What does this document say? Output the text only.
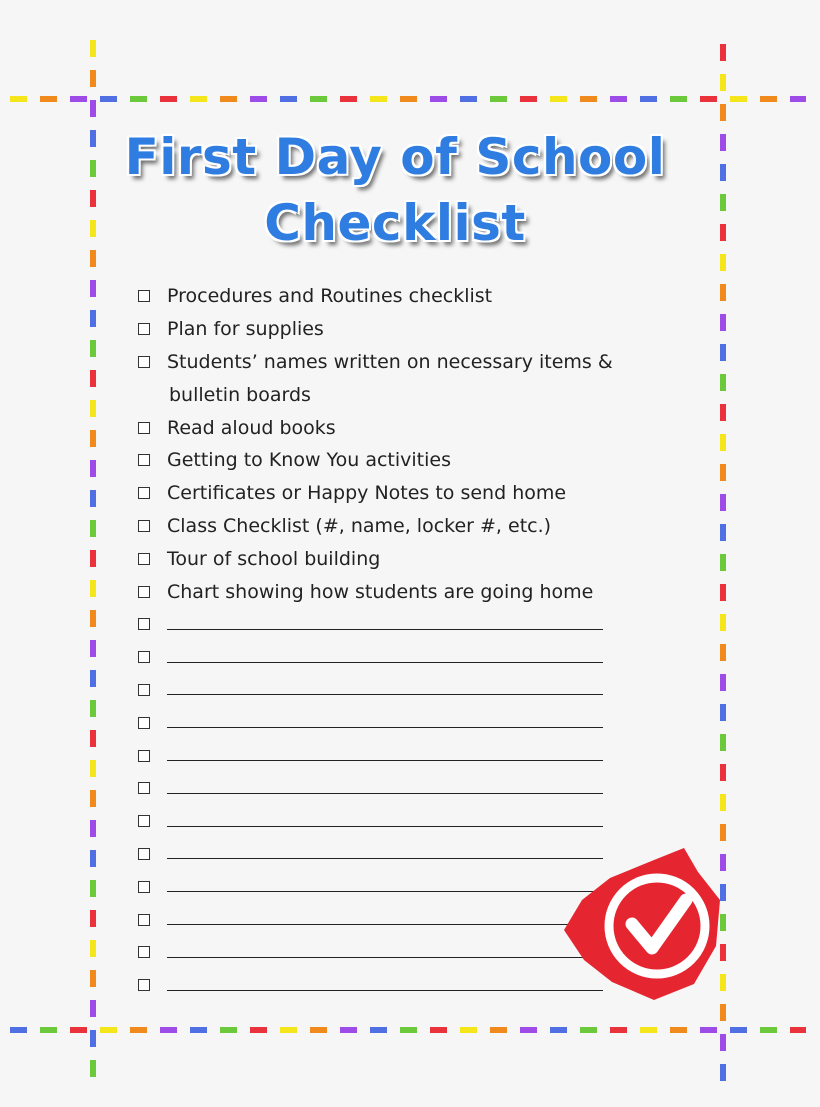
First Day of School
Checklist
Procedures and Routines checklist
Plan for supplies
Students’ names written on necessary items &
bulletin boards
Read aloud books
Getting to Know You activities
Certificates or Happy Notes to send home
Class Checklist (#, name, locker #, etc.)
Tour of school building
Chart showing how students are going home
